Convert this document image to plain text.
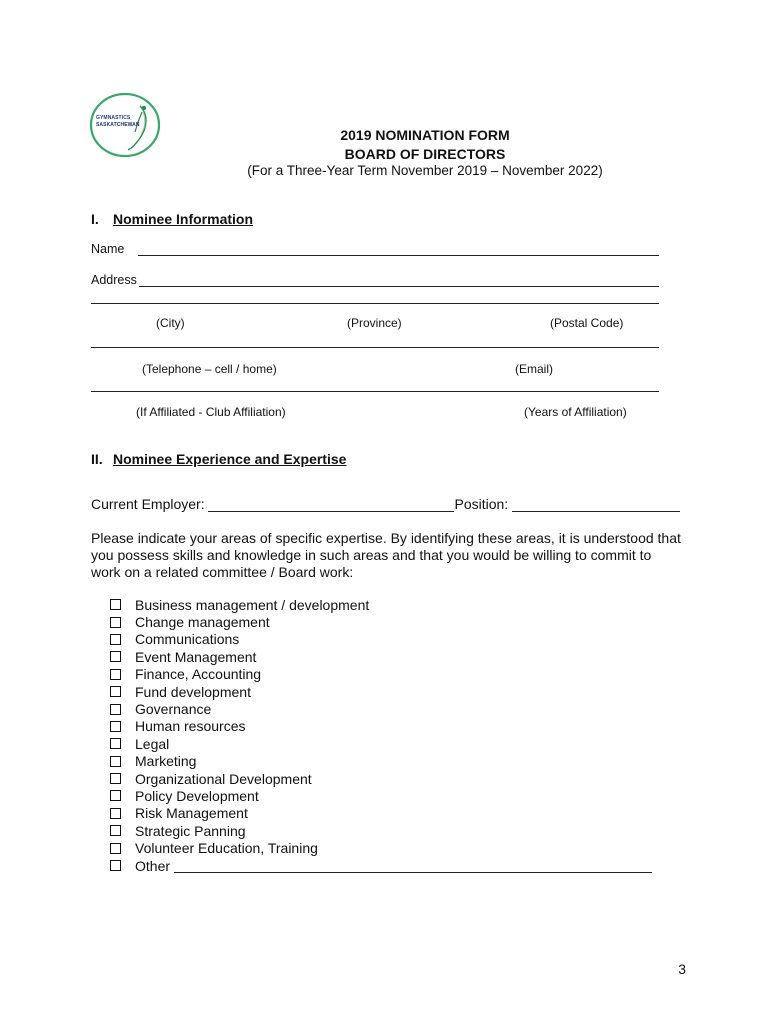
GYMNASTICS
SASKATCHEWAN
2019 NOMINATION FORM
BOARD OF DIRECTORS
(For a Three-Year Term November 2019 – November 2022)
I. Nominee Information
Name
Address
(City)	(Province)	(Postal Code)
(Telephone – cell / home)	(Email)
(If Affiliated - Club Affiliation)	(Years of Affiliation)
II. Nominee Experience and Expertise
Current Employer:	Position:
Please indicate your areas of specific expertise. By identifying these areas, it is understood that you possess skills and knowledge in such areas and that you would be willing to commit to work on a related committee / Board work:
Business management / development
Change management
Communications
Event Management
Finance, Accounting
Fund development
Governance
Human resources
Legal
Marketing
Organizational Development
Policy Development
Risk Management
Strategic Panning
Volunteer Education, Training
Other
3
